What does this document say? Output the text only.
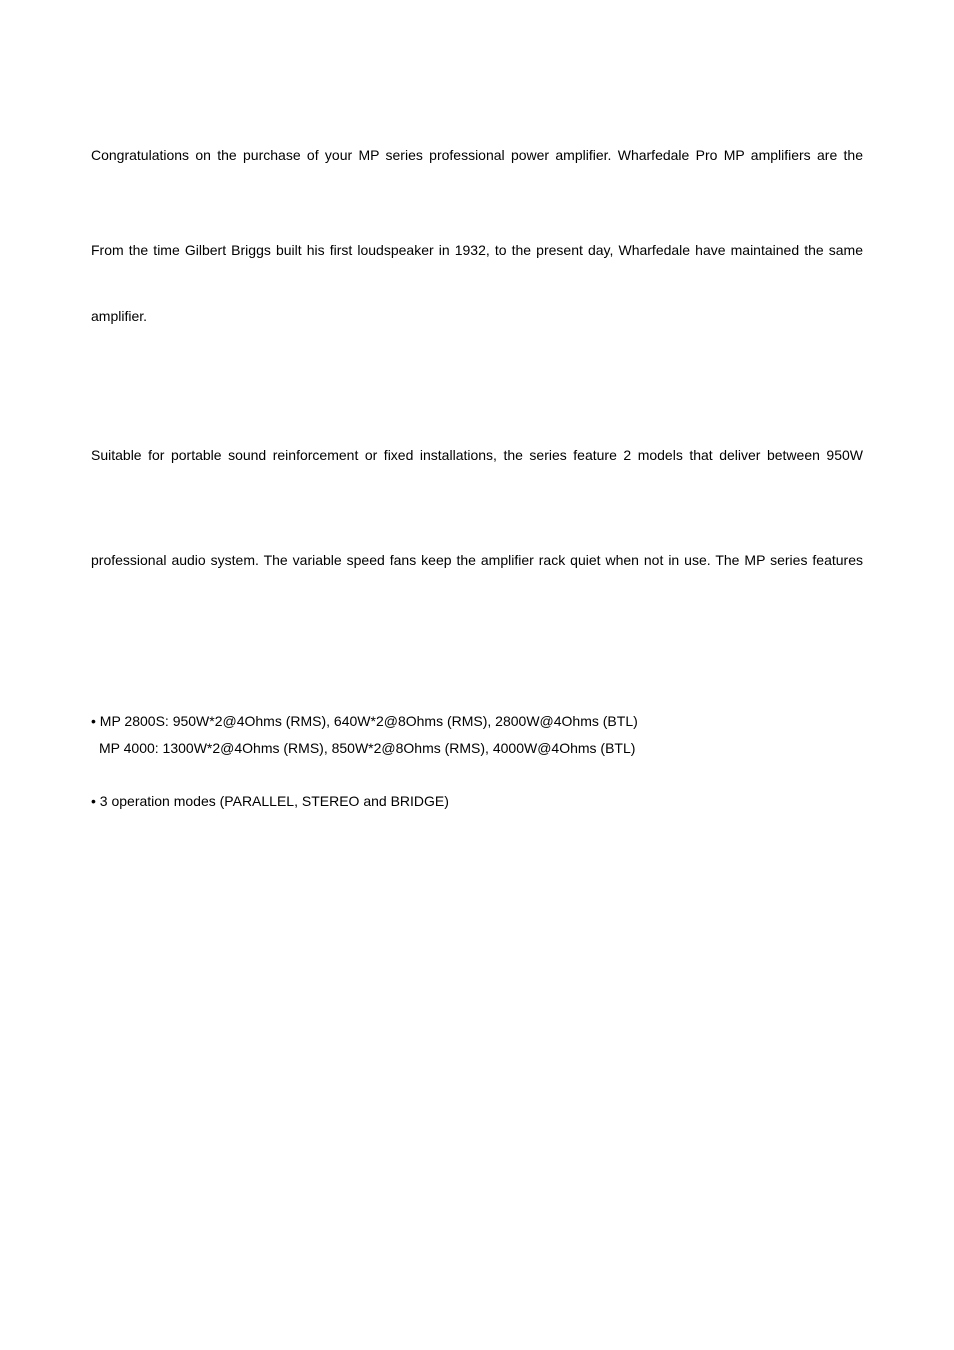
Congratulations on the purchase of your MP series professional power amplifier. Wharfedale Pro MP amplifiers are the

From the time Gilbert Briggs built his first loudspeaker in 1932, to the present day, Wharfedale have maintained the same

amplifier.

Suitable for portable sound reinforcement or fixed installations, the series feature 2 models that deliver between 950W

professional audio system. The variable speed fans keep the amplifier rack quiet when not in use. The MP series features

• MP 2800S: 950W*2@4Ohms (RMS), 640W*2@8Ohms (RMS), 2800W@4Ohms (BTL)

MP 4000: 1300W*2@4Ohms (RMS), 850W*2@8Ohms (RMS), 4000W@4Ohms (BTL)

• 3 operation modes (PARALLEL, STEREO and BRIDGE)
